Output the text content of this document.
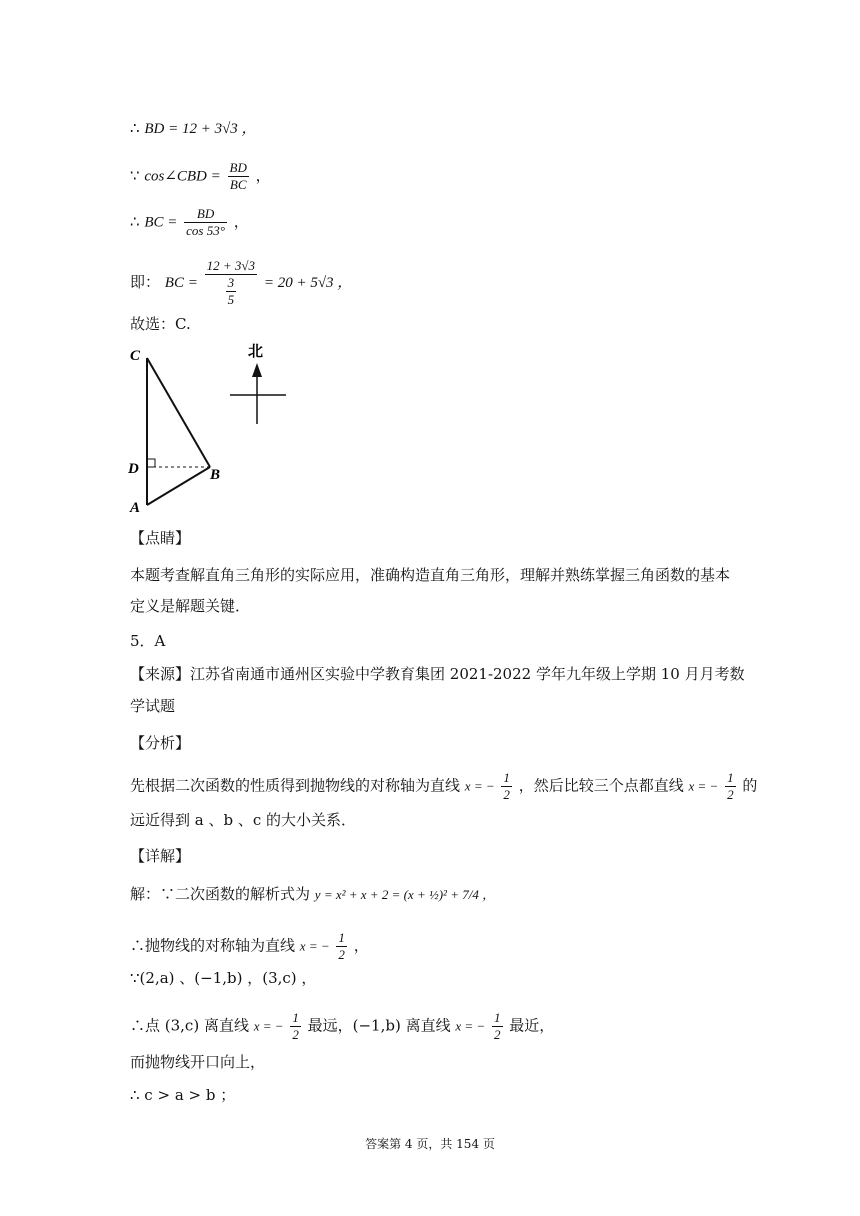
∴ BD = 12 + 3√3 ，
∵ cos∠CBD = $\frac{BD}{BC}$ ，
∴ BC = $\frac{BD}{\cos 53^\circ}$ ，
即： BC = $\frac{12 + 3√3}{\frac{3}{5}} = 20 + 5√3$ ，
故选：C.
C
D	B
A
北
【点睛】
本题考查解直角三角形的实际应用，准确构造直角三角形，理解并熟练掌握三角函数的基本
定义是解题关键．
5．A
【来源】江苏省南通市通州区实验中学教育集团 2021-2022 学年九年级上学期 10 月月考数
学试题
【分析】
先根据二次函数的性质得到抛物线的对称轴为直线 x = − $\frac{1}{2}$ ，然后比较三个点都直线 x = − $\frac{1}{2}$ 的
远近得到 a 、b 、c 的大小关系．
【详解】
解：∵二次函数的解析式为 y = x² + x + 2 = (x + ½)² + 7/4 ，
∴抛物线的对称轴为直线 x = − $\frac{1}{2}$ ，
∵(2,a) 、(−1,b) ，(3,c) ，
∴点 (3,c) 离直线 x = − $\frac{1}{2}$ 最远，(−1,b) 离直线 x = − $\frac{1}{2}$ 最近，
而抛物线开口向上，
∴ c > a > b ；
答案第 4 页，共 154 页
